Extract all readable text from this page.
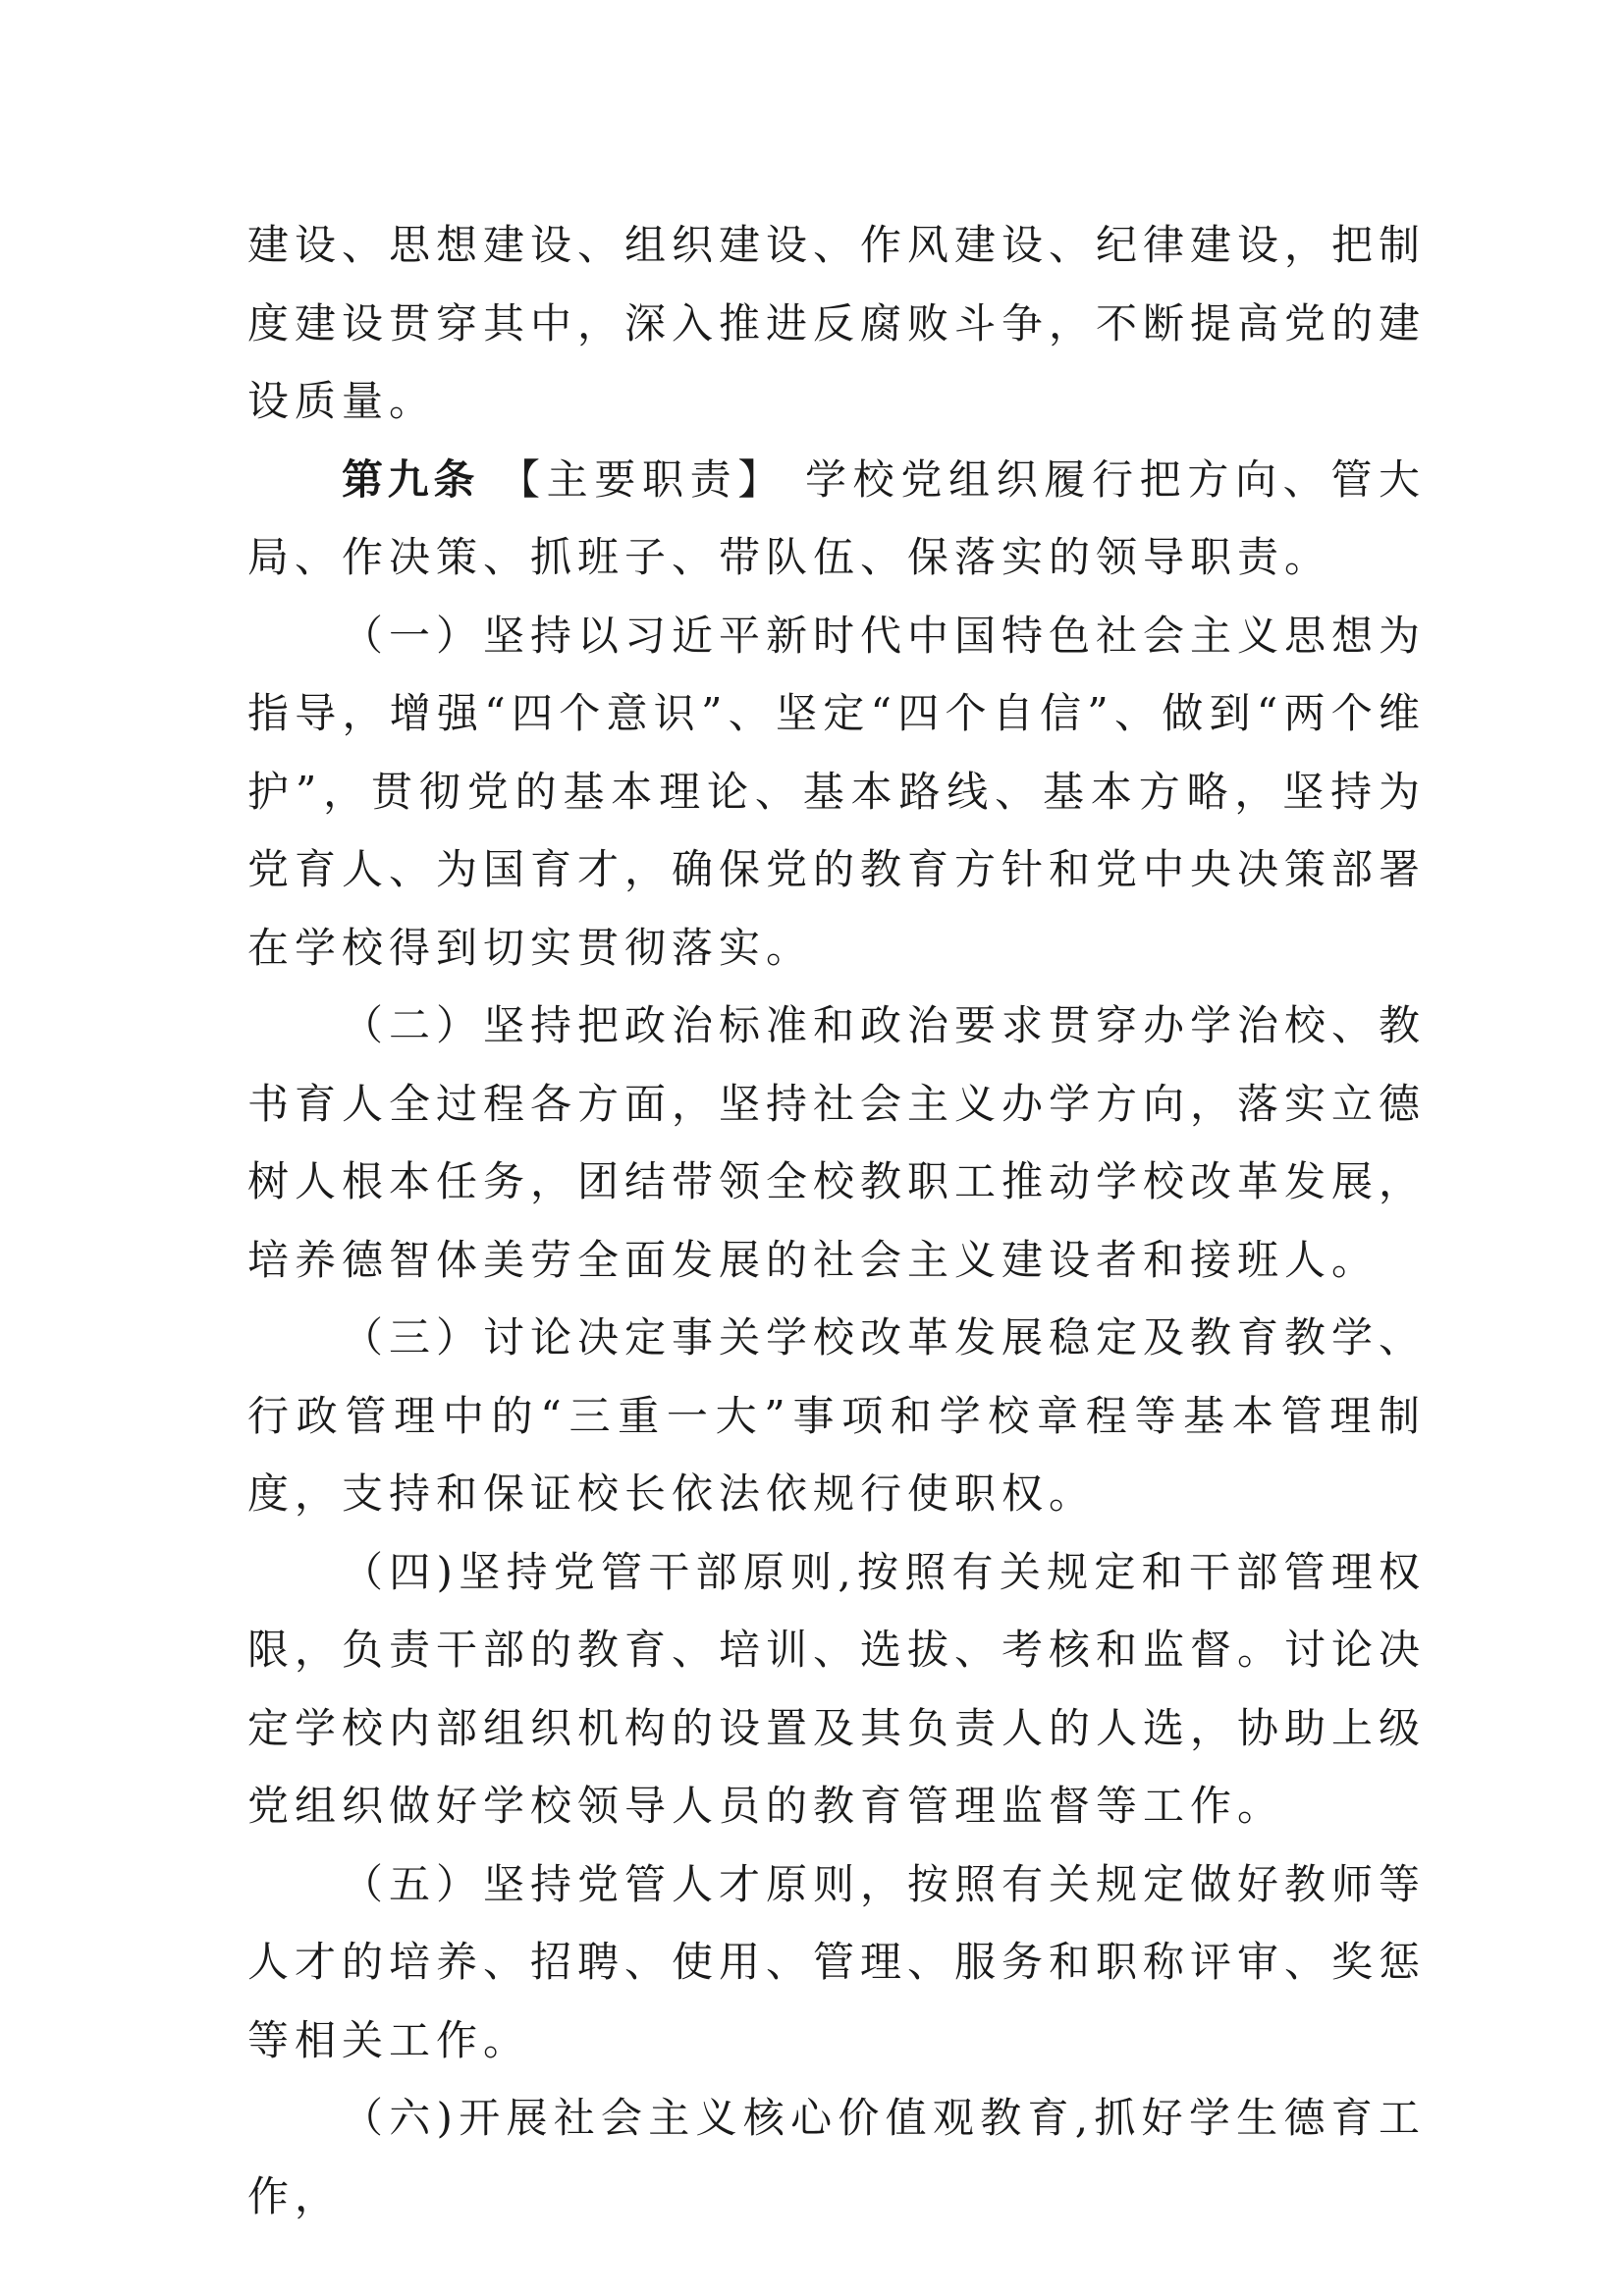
建设、思想建设、组织建设、作风建设、纪律建设，把制度建设贯穿其中，深入推进反腐败斗争，不断提高党的建设质量。

第九条 【主要职责】 学校党组织履行把方向、管大局、作决策、抓班子、带队伍、保落实的领导职责。

（一）坚持以习近平新时代中国特色社会主义思想为指导，增强“四个意识”、坚定“四个自信”、做到“两个维护”，贯彻党的基本理论、基本路线、基本方略，坚持为党育人、为国育才，确保党的教育方针和党中央决策部署在学校得到切实贯彻落实。

（二）坚持把政治标准和政治要求贯穿办学治校、教书育人全过程各方面，坚持社会主义办学方向，落实立德树人根本任务，团结带领全校教职工推动学校改革发展，培养德智体美劳全面发展的社会主义建设者和接班人。

（三）讨论决定事关学校改革发展稳定及教育教学、行政管理中的“三重一大”事项和学校章程等基本管理制度，支持和保证校长依法依规行使职权。

（四)坚持党管干部原则,按照有关规定和干部管理权限，负责干部的教育、培训、选拔、考核和监督。讨论决定学校内部组织机构的设置及其负责人的人选，协助上级党组织做好学校领导人员的教育管理监督等工作。

（五）坚持党管人才原则，按照有关规定做好教师等人才的培养、招聘、使用、管理、服务和职称评审、奖惩等相关工作。

（六)开展社会主义核心价值观教育,抓好学生德育工作，
